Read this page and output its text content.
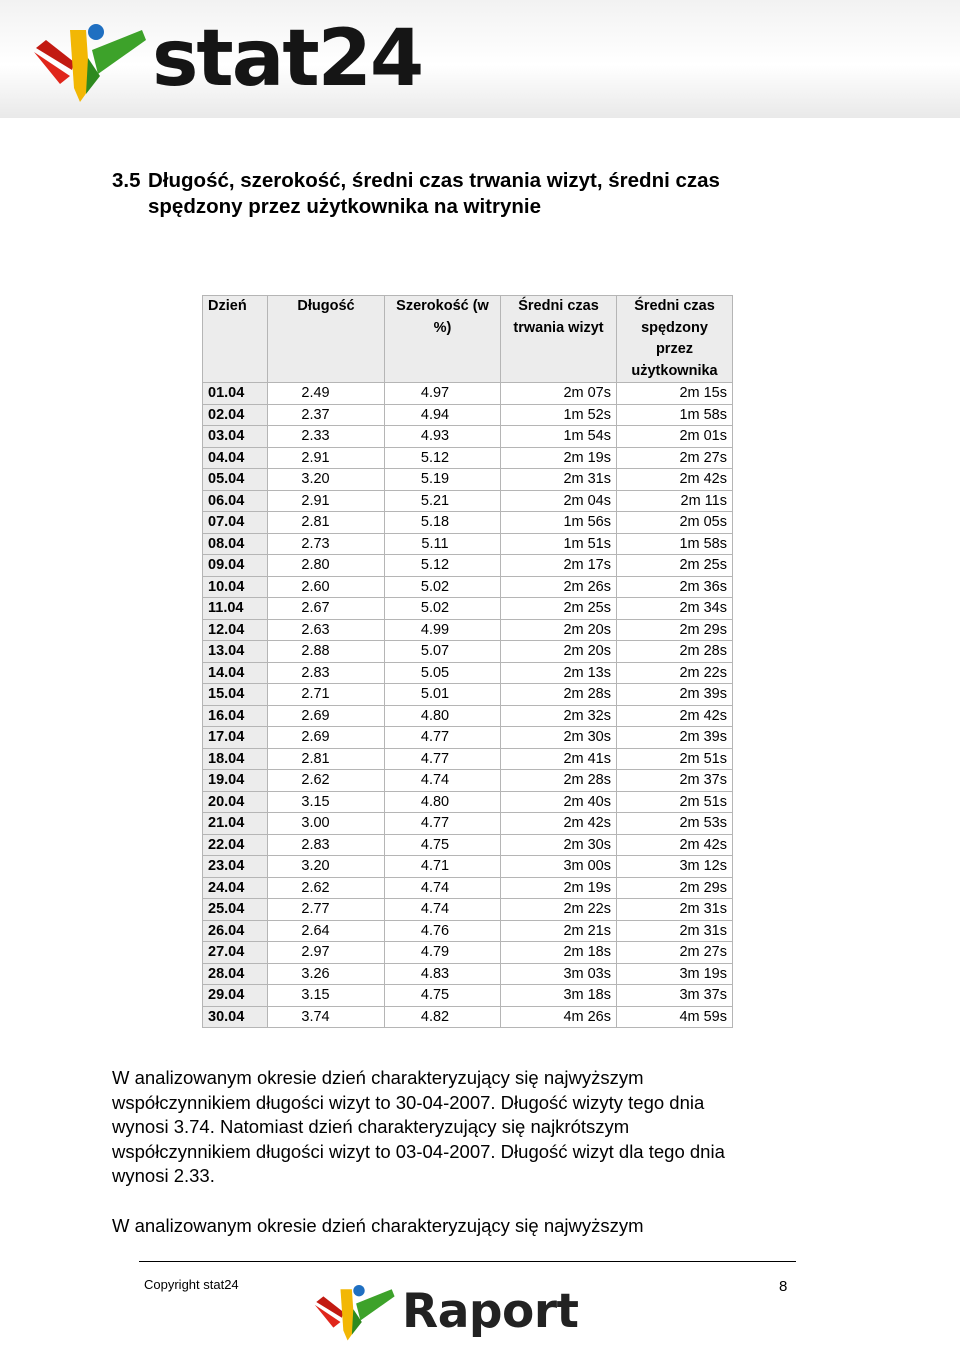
stat24
3.5 Długość, szerokość, średni czas trwania wizyt, średni czas
spędzony przez użytkownika na witrynie
Dzień	Długość	Szerokość (w %)	Średni czas trwania wizyt	Średni czas spędzony przez użytkownika
01.04	2.49	4.97	2m 07s	2m 15s
02.04	2.37	4.94	1m 52s	1m 58s
03.04	2.33	4.93	1m 54s	2m 01s
04.04	2.91	5.12	2m 19s	2m 27s
05.04	3.20	5.19	2m 31s	2m 42s
06.04	2.91	5.21	2m 04s	2m 11s
07.04	2.81	5.18	1m 56s	2m 05s
08.04	2.73	5.11	1m 51s	1m 58s
09.04	2.80	5.12	2m 17s	2m 25s
10.04	2.60	5.02	2m 26s	2m 36s
11.04	2.67	5.02	2m 25s	2m 34s
12.04	2.63	4.99	2m 20s	2m 29s
13.04	2.88	5.07	2m 20s	2m 28s
14.04	2.83	5.05	2m 13s	2m 22s
15.04	2.71	5.01	2m 28s	2m 39s
16.04	2.69	4.80	2m 32s	2m 42s
17.04	2.69	4.77	2m 30s	2m 39s
18.04	2.81	4.77	2m 41s	2m 51s
19.04	2.62	4.74	2m 28s	2m 37s
20.04	3.15	4.80	2m 40s	2m 51s
21.04	3.00	4.77	2m 42s	2m 53s
22.04	2.83	4.75	2m 30s	2m 42s
23.04	3.20	4.71	3m 00s	3m 12s
24.04	2.62	4.74	2m 19s	2m 29s
25.04	2.77	4.74	2m 22s	2m 31s
26.04	2.64	4.76	2m 21s	2m 31s
27.04	2.97	4.79	2m 18s	2m 27s
28.04	3.26	4.83	3m 03s	3m 19s
29.04	3.15	4.75	3m 18s	3m 37s
30.04	3.74	4.82	4m 26s	4m 59s
W analizowanym okresie dzień charakteryzujący się najwyższym
współczynnikiem długości wizyt to 30-04-2007. Długość wizyty tego dnia
wynosi 3.74. Natomiast dzień charakteryzujący się najkrótszym
współczynnikiem długości wizyt to 03-04-2007. Długość wizyt dla tego dnia
wynosi 2.33.
W analizowanym okresie dzień charakteryzujący się najwyższym
Copyright stat24	Raport	8
